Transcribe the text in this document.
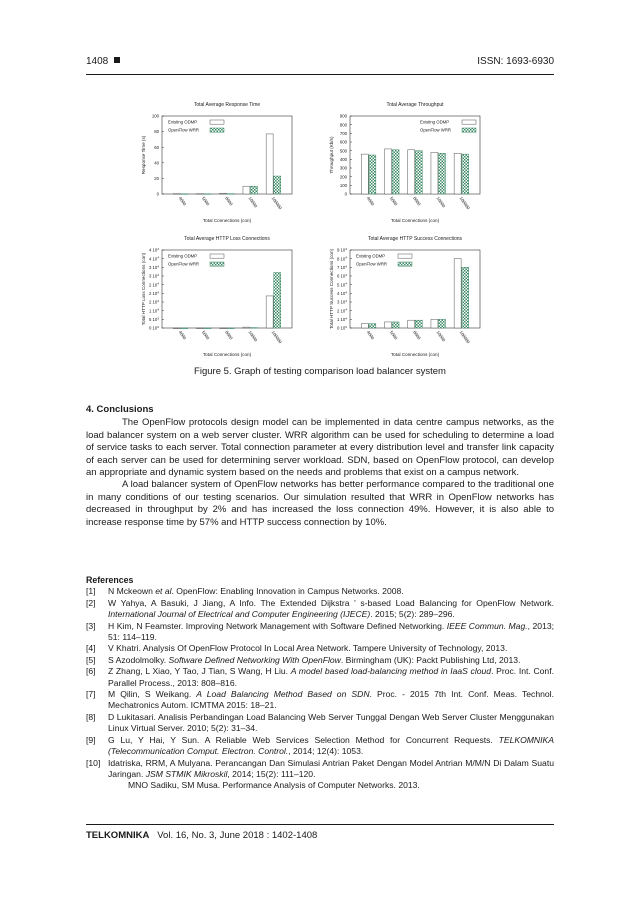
1408	ISSN: 1693-6930
Total Average Response Time
0
20
40
60
80
100
Response Time (s)
4000	5000	8000	10000	100000
Total Connections (con)
Existing ODMP
OpenFlow WRR
Total Average Throughput
0
100
200
300
400
500
600
700
800
900
Throughput (Kb/s)
4000	5000	8000	10000	100000
Total Connections (con)
Existing ODMP
OpenFlow WRR
Total Average HTTP Loss Connections
0 $10^0$
5 $10^3$
1 $10^4$
2 $10^4$
2 $10^4$
2 $10^4$
3 $10^4$
3 $10^4$
4 $10^4$
4 $10^4$
Total HTTP Loss Connections (con)
4000	5000	8000	10000	100000
Total Connections (con)
Existing ODMP
OpenFlow WRR
Total Average HTTP Success Connections
0 $10^0$
1 $10^4$
2 $10^4$
3 $10^4$
4 $10^4$
5 $10^4$
6 $10^4$
7 $10^4$
8 $10^4$
9 $10^4$
Total HTTP Success Connections (con)
4000	5000	8000	10000	100000
Total Connections (con)
Existing ODMP
OpenFlow WRR
Figure 5. Graph of testing comparison load balancer system
4. Conclusions

The OpenFlow protocols design model can be implemented in data centre campus networks, as the load balancer system on a web server cluster. WRR algorithm can be used for scheduling to determine a load of service tasks to each server. Total connection parameter at every distribution level and transfer link capacity of each server can be used for determining server workload. SDN, based on OpenFlow protocol, can develop an appropriate and dynamic system based on the needs and problems that exist on a campus network.

A load balancer system of OpenFlow networks has better performance compared to the traditional one in many conditions of our testing scenarios. Our simulation resulted that WRR in OpenFlow networks has decreased in throughput by 2% and has increased the loss connection 49%. However, it is also able to increase response time by 57% and HTTP success connection by 10%.

References
[1] N Mckeown et al. OpenFlow: Enabling Innovation in Campus Networks. 2008.
[2] W Yahya, A Basuki, J Jiang, A Info. The Extended Dijkstra ' s-based Load Balancing for OpenFlow Network. International Journal of Electrical and Computer Engineering (IJECE). 2015; 5(2): 289–296.
[3] H Kim, N Feamster. Improving Network Management with Software Defined Networking. IEEE Commun. Mag., 2013; 51: 114–119.
[4] V Khatri. Analysis Of OpenFlow Protocol In Local Area Network. Tampere University of Technology, 2013.
[5] S Azodolmolky. Software Defined Networking With OpenFlow. Birmingham (UK): Packt Publishing Ltd, 2013.
[6] Z Zhang, L Xiao, Y Tao, J Tian, S Wang, H Liu. A model based load-balancing method in IaaS cloud. Proc. Int. Conf. Parallel Process., 2013: 808–816.
[7] M Qilin, S Weikang. A Load Balancing Method Based on SDN. Proc. - 2015 7th Int. Conf. Meas. Technol. Mechatronics Autom. ICMTMA 2015: 18–21.
[8] D Lukitasari. Analisis Perbandingan Load Balancing Web Server Tunggal Dengan Web Server Cluster Menggunakan Linux Virtual Server. 2010; 5(2): 31–34.
[9] G Lu, Y Hai, Y Sun. A Reliable Web Services Selection Method for Concurrent Requests. TELKOMNIKA (Telecommunication Comput. Electron. Control., 2014; 12(4): 1053.
[10] Idatriska, RRM, A Mulyana. Perancangan Dan Simulasi Antrian Paket Dengan Model Antrian M/M/N Di Dalam Suatu Jaringan. JSM STMIK Mikroskil, 2014; 15(2): 111–120.
MNO Sadiku, SM Musa. Performance Analysis of Computer Networks. 2013.
TELKOMNIKA Vol. 16, No. 3, June 2018 : 1402-1408
